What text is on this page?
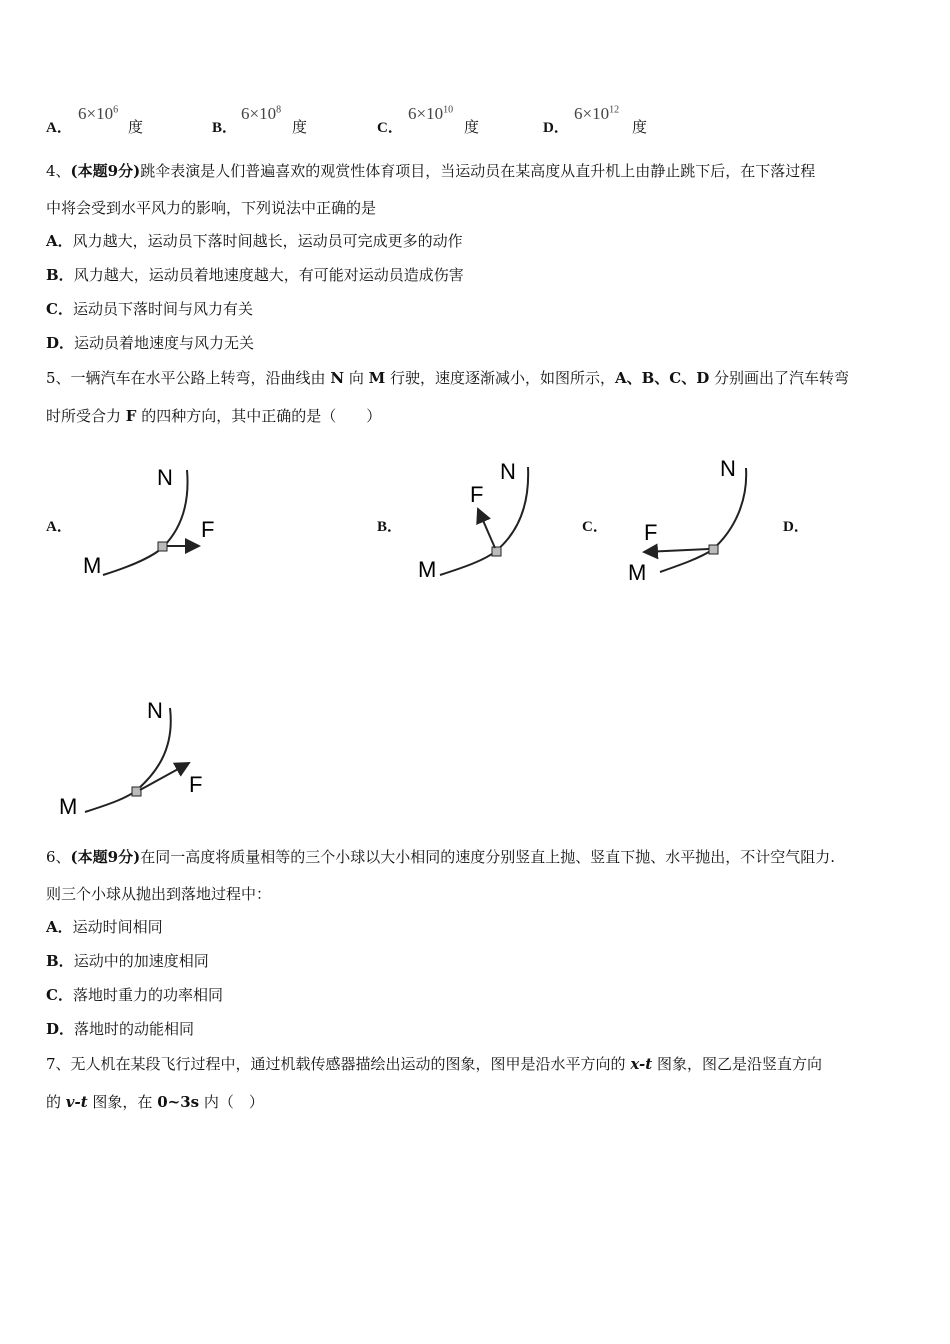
A．
$6\times 10^6$
度	B．
$6\times 10^8$
度	C．
$6\times 10^{10}$
度	D．
$6\times 10^{12}$
度
4、(本题9分)跳伞表演是人们普遍喜欢的观赏性体育项目，当运动员在某高度从直升机上由静止跳下后，在下落过程
中将会受到水平风力的影响，下列说法中正确的是
A．风力越大，运动员下落时间越长，运动员可完成更多的动作
B．风力越大，运动员着地速度越大，有可能对运动员造成伤害
C．运动员下落时间与风力有关
D．运动员着地速度与风力无关
5、一辆汽车在水平公路上转弯，沿曲线由 N 向 M 行驶，速度逐渐减小，如图所示，A、B、C、D 分别画出了汽车转弯
时所受合力 F 的四种方向，其中正确的是（　　）
A．	B．	C．	D．
N
M
F
N
M
F
N
M
F
N
M
F
6、(本题9分)在同一高度将质量相等的三个小球以大小相同的速度分别竖直上抛、竖直下抛、水平抛出，不计空气阻力.
则三个小球从抛出到落地过程中：
A．运动时间相同
B．运动中的加速度相同
C．落地时重力的功率相同
D．落地时的动能相同
7、无人机在某段飞行过程中，通过机载传感器描绘出运动的图象，图甲是沿水平方向的 x-t 图象，图乙是沿竖直方向
的 v-t 图象，在 0~3s 内（　）
